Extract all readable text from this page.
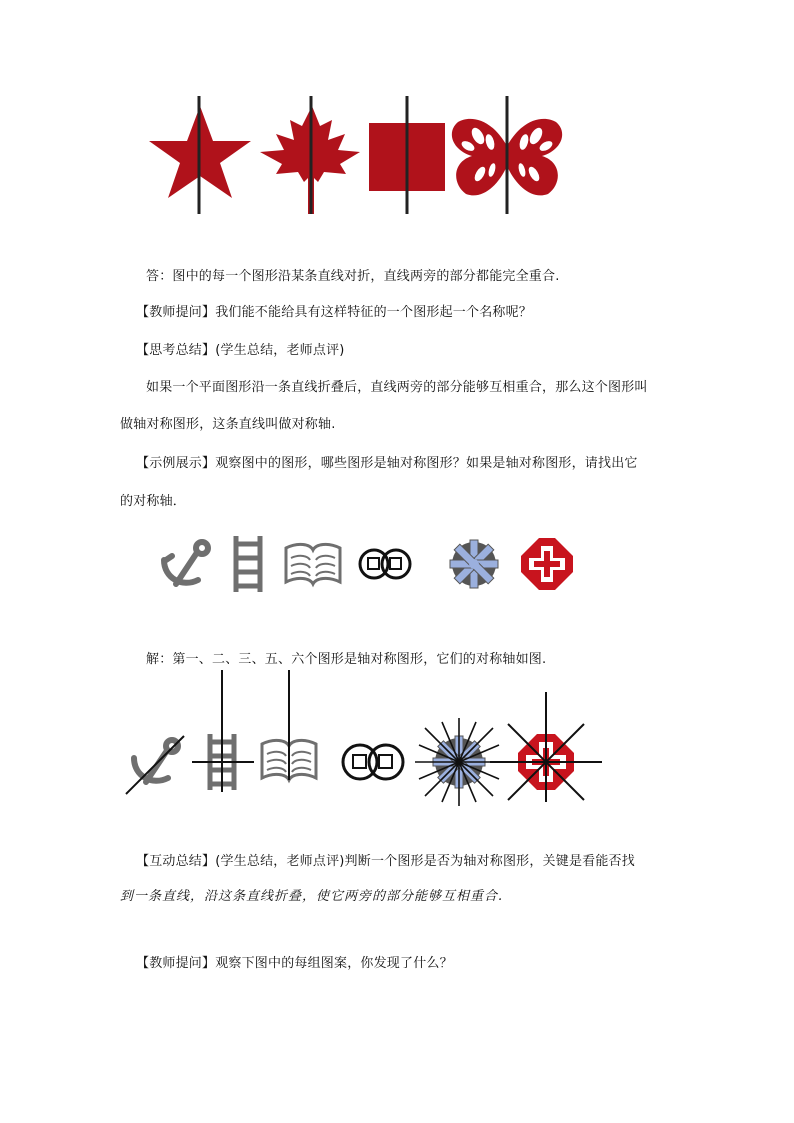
答：图中的每一个图形沿某条直线对折，直线两旁的部分都能完全重合.
【教师提问】我们能不能给具有这样特征的一个图形起一个名称呢？
【思考总结】(学生总结，老师点评)
如果一个平面图形沿一条直线折叠后，直线两旁的部分能够互相重合，那么这个图形叫
做轴对称图形，这条直线叫做对称轴.
【示例展示】观察图中的图形，哪些图形是轴对称图形？如果是轴对称图形，请找出它
的对称轴．
解：第一、二、三、五、六个图形是轴对称图形，它们的对称轴如图.
【互动总结】(学生总结，老师点评)判断一个图形是否为轴对称图形，关键是看能否找
到一条直线，沿这条直线折叠，使它两旁的部分能够互相重合.
【教师提问】观察下图中的每组图案，你发现了什么？
